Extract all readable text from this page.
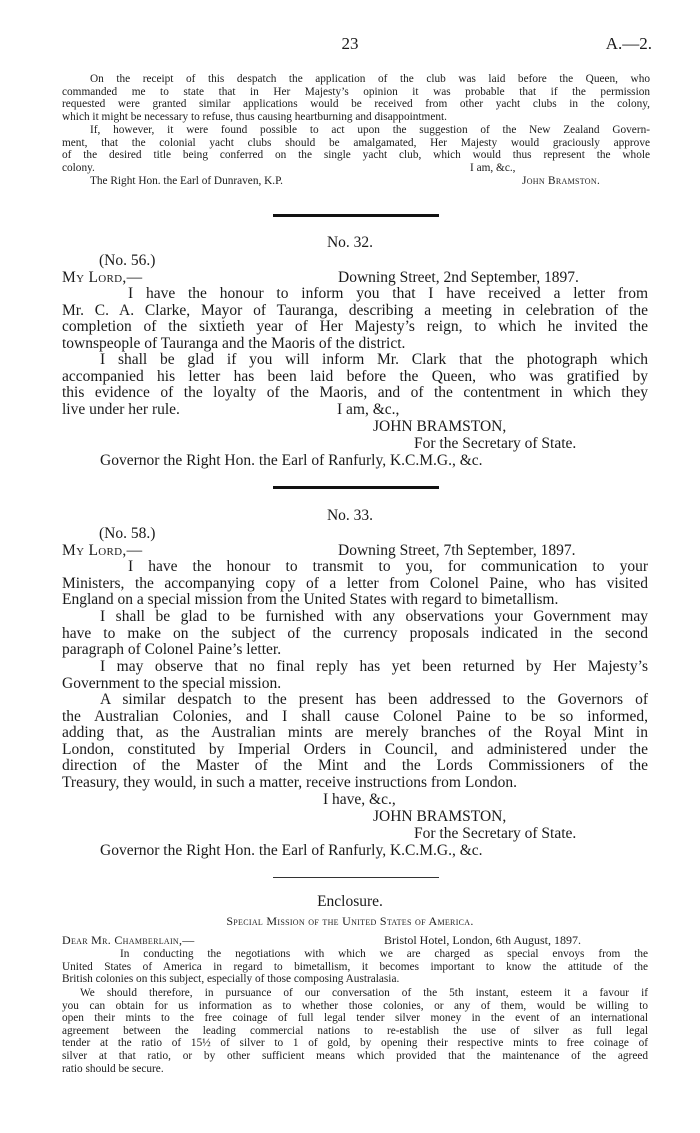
23	A.—2.

On the receipt of this despatch the application of the club was laid before the Queen, who

commanded me to state that in Her Majesty’s opinion it was probable that if the permission

requested were granted similar applications would be received from other yacht clubs in the colony,

which it might be necessary to refuse, thus causing heartburning and disappointment.

If, however, it were found possible to act upon the suggestion of the New Zealand Govern-

ment, that the colonial yacht clubs should be amalgamated, Her Majesty would graciously approve

of the desired title being conferred on the single yacht club, which would thus represent the whole

colony.	I am, &c.,
The Right Hon. the Earl of Dunraven, K.P.	John Bramston.
No. 32.
(No. 56.)
My Lord,—	Downing Street, 2nd September, 1897.

I have the honour to inform you that I have received a letter from

Mr. C. A. Clarke, Mayor of Tauranga, describing a meeting in celebration of the

completion of the sixtieth year of Her Majesty’s reign, to which he invited the

townspeople of Tauranga and the Maoris of the district.

I shall be glad if you will inform Mr. Clark that the photograph which

accompanied his letter has been laid before the Queen, who was gratified by

this evidence of the loyalty of the Maoris, and of the contentment in which they

live under her rule.	I am, &c.,
JOHN BRAMSTON,
For the Secretary of State.
Governor the Right Hon. the Earl of Ranfurly, K.C.M.G., &c.
No. 33.
(No. 58.)
My Lord,—	Downing Street, 7th September, 1897.

I have the honour to transmit to you, for communication to your

Ministers, the accompanying copy of a letter from Colonel Paine, who has visited

England on a special mission from the United States with regard to bimetallism.

I shall be glad to be furnished with any observations your Government may

have to make on the subject of the currency proposals indicated in the second

paragraph of Colonel Paine’s letter.

I may observe that no final reply has yet been returned by Her Majesty’s

Government to the special mission.

A similar despatch to the present has been addressed to the Governors of

the Australian Colonies, and I shall cause Colonel Paine to be so informed,

adding that, as the Australian mints are merely branches of the Royal Mint in

London, constituted by Imperial Orders in Council, and administered under the

direction of the Master of the Mint and the Lords Commissioners of the

Treasury, they would, in such a matter, receive instructions from London.

I have, &c.,
JOHN BRAMSTON,
For the Secretary of State.
Governor the Right Hon. the Earl of Ranfurly, K.C.M.G., &c.
Enclosure.
Special Mission of the United States of America.
Dear Mr. Chamberlain,—	Bristol Hotel, London, 6th August, 1897.

In conducting the negotiations with which we are charged as special envoys from the

United States of America in regard to bimetallism, it becomes important to know the attitude of the

British colonies on this subject, especially of those composing Australasia.

We should therefore, in pursuance of our conversation of the 5th instant, esteem it a favour if

you can obtain for us information as to whether those colonies, or any of them, would be willing to

open their mints to the free coinage of full legal tender silver money in the event of an international

agreement between the leading commercial nations to re-establish the use of silver as full legal

tender at the ratio of 15½ of silver to 1 of gold, by opening their respective mints to free coinage of

silver at that ratio, or by other sufficient means which provided that the maintenance of the agreed

ratio should be secure.
